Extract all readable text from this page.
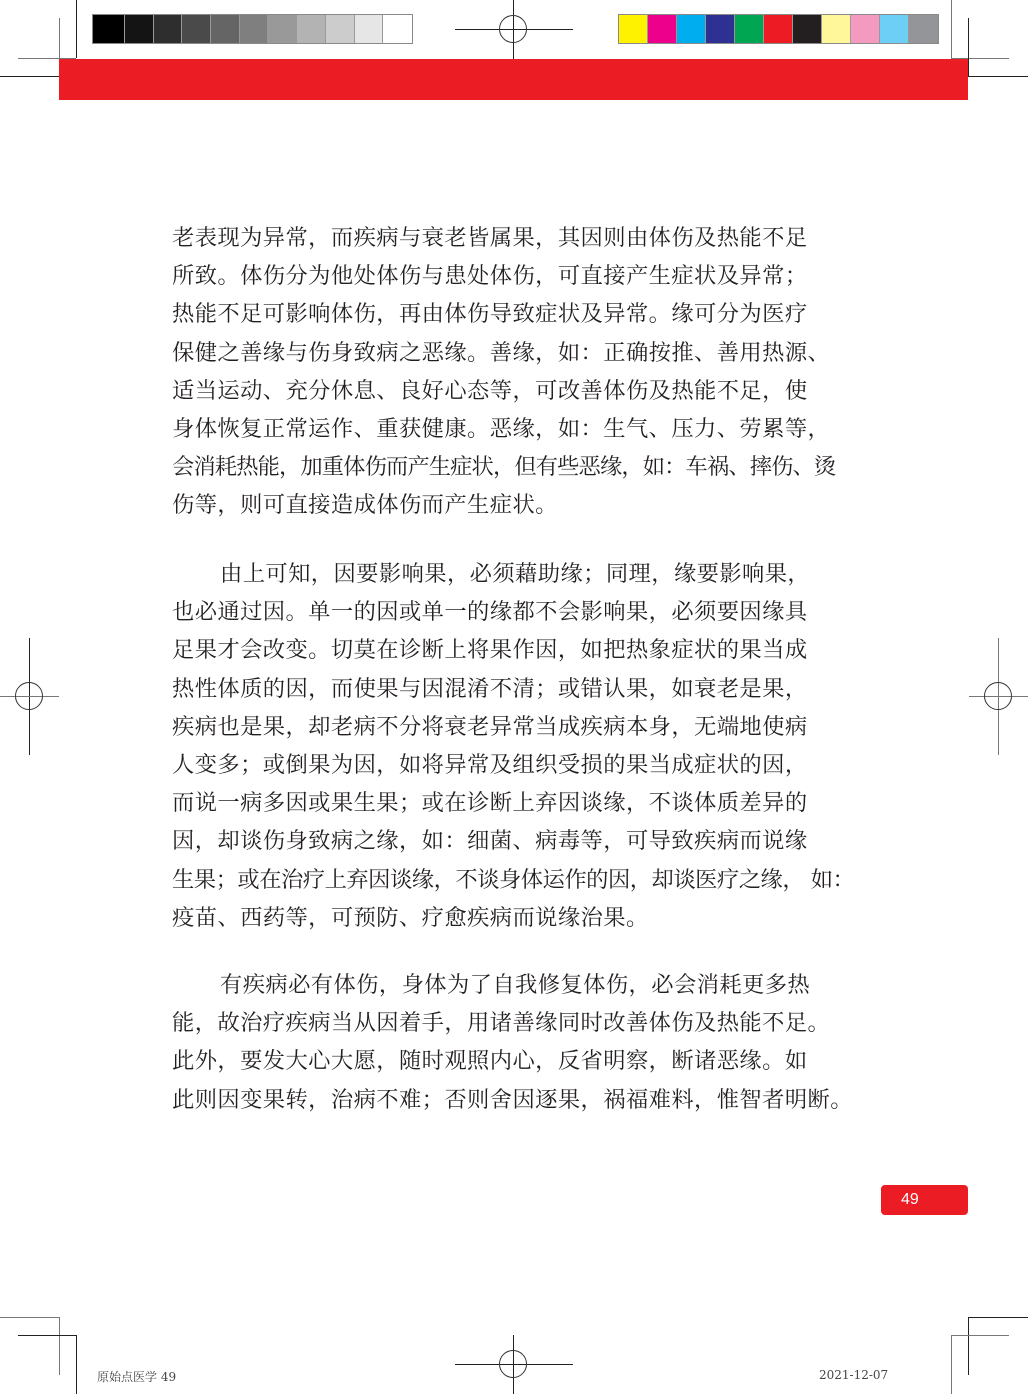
老表现为异常，而疾病与衰老皆属果，其因则由体伤及热能不足
所致。体伤分为他处体伤与患处体伤，可直接产生症状及异常；
热能不足可影响体伤，再由体伤导致症状及异常。缘可分为医疗
保健之善缘与伤身致病之恶缘。善缘，如：正确按推、善用热源、
适当运动、充分休息、良好心态等，可改善体伤及热能不足，使
身体恢复正常运作、重获健康。恶缘，如：生气、压力、劳累等，
会消耗热能，加重体伤而产生症状，但有些恶缘，如：车祸、摔伤、烫
伤等，则可直接造成体伤而产生症状。
由上可知，因要影响果，必须藉助缘；同理，缘要影响果，
也必通过因。单一的因或单一的缘都不会影响果，必须要因缘具
足果才会改变。切莫在诊断上将果作因，如把热象症状的果当成
热性体质的因，而使果与因混淆不清；或错认果，如衰老是果，
疾病也是果，却老病不分将衰老异常当成疾病本身，无端地使病
人变多；或倒果为因，如将异常及组织受损的果当成症状的因，
而说一病多因或果生果；或在诊断上弃因谈缘，不谈体质差异的
因，却谈伤身致病之缘，如：细菌、病毒等，可导致疾病而说缘
生果；或在治疗上弃因谈缘，不谈身体运作的因，却谈医疗之缘， 如：
疫苗、西药等，可预防、疗愈疾病而说缘治果。
有疾病必有体伤，身体为了自我修复体伤，必会消耗更多热
能，故治疗疾病当从因着手，用诸善缘同时改善体伤及热能不足。
此外，要发大心大愿，随时观照内心，反省明察，断诸恶缘。如
此则因变果转，治病不难；否则舍因逐果，祸福难料，惟智者明断。
49
原始点医学 49	2021-12-07
